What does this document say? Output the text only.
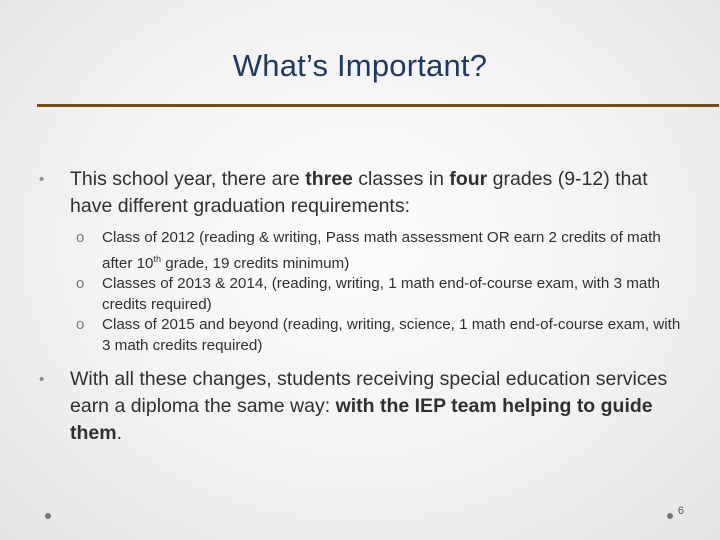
What’s Important?
• This school year, there are three classes in four grades (9-12) that have different graduation requirements:
o Class of 2012 (reading & writing, Pass math assessment OR earn 2 credits of math after 10th grade, 19 credits minimum)
o Classes of 2013 & 2014, (reading, writing, 1 math end-of-course exam, with 3 math credits required)
o Class of 2015 and beyond (reading, writing, science, 1 math end-of-course exam, with 3 math credits required)
• With all these changes, students receiving special education services earn a diploma the same way: with the IEP team helping to guide them.
6
